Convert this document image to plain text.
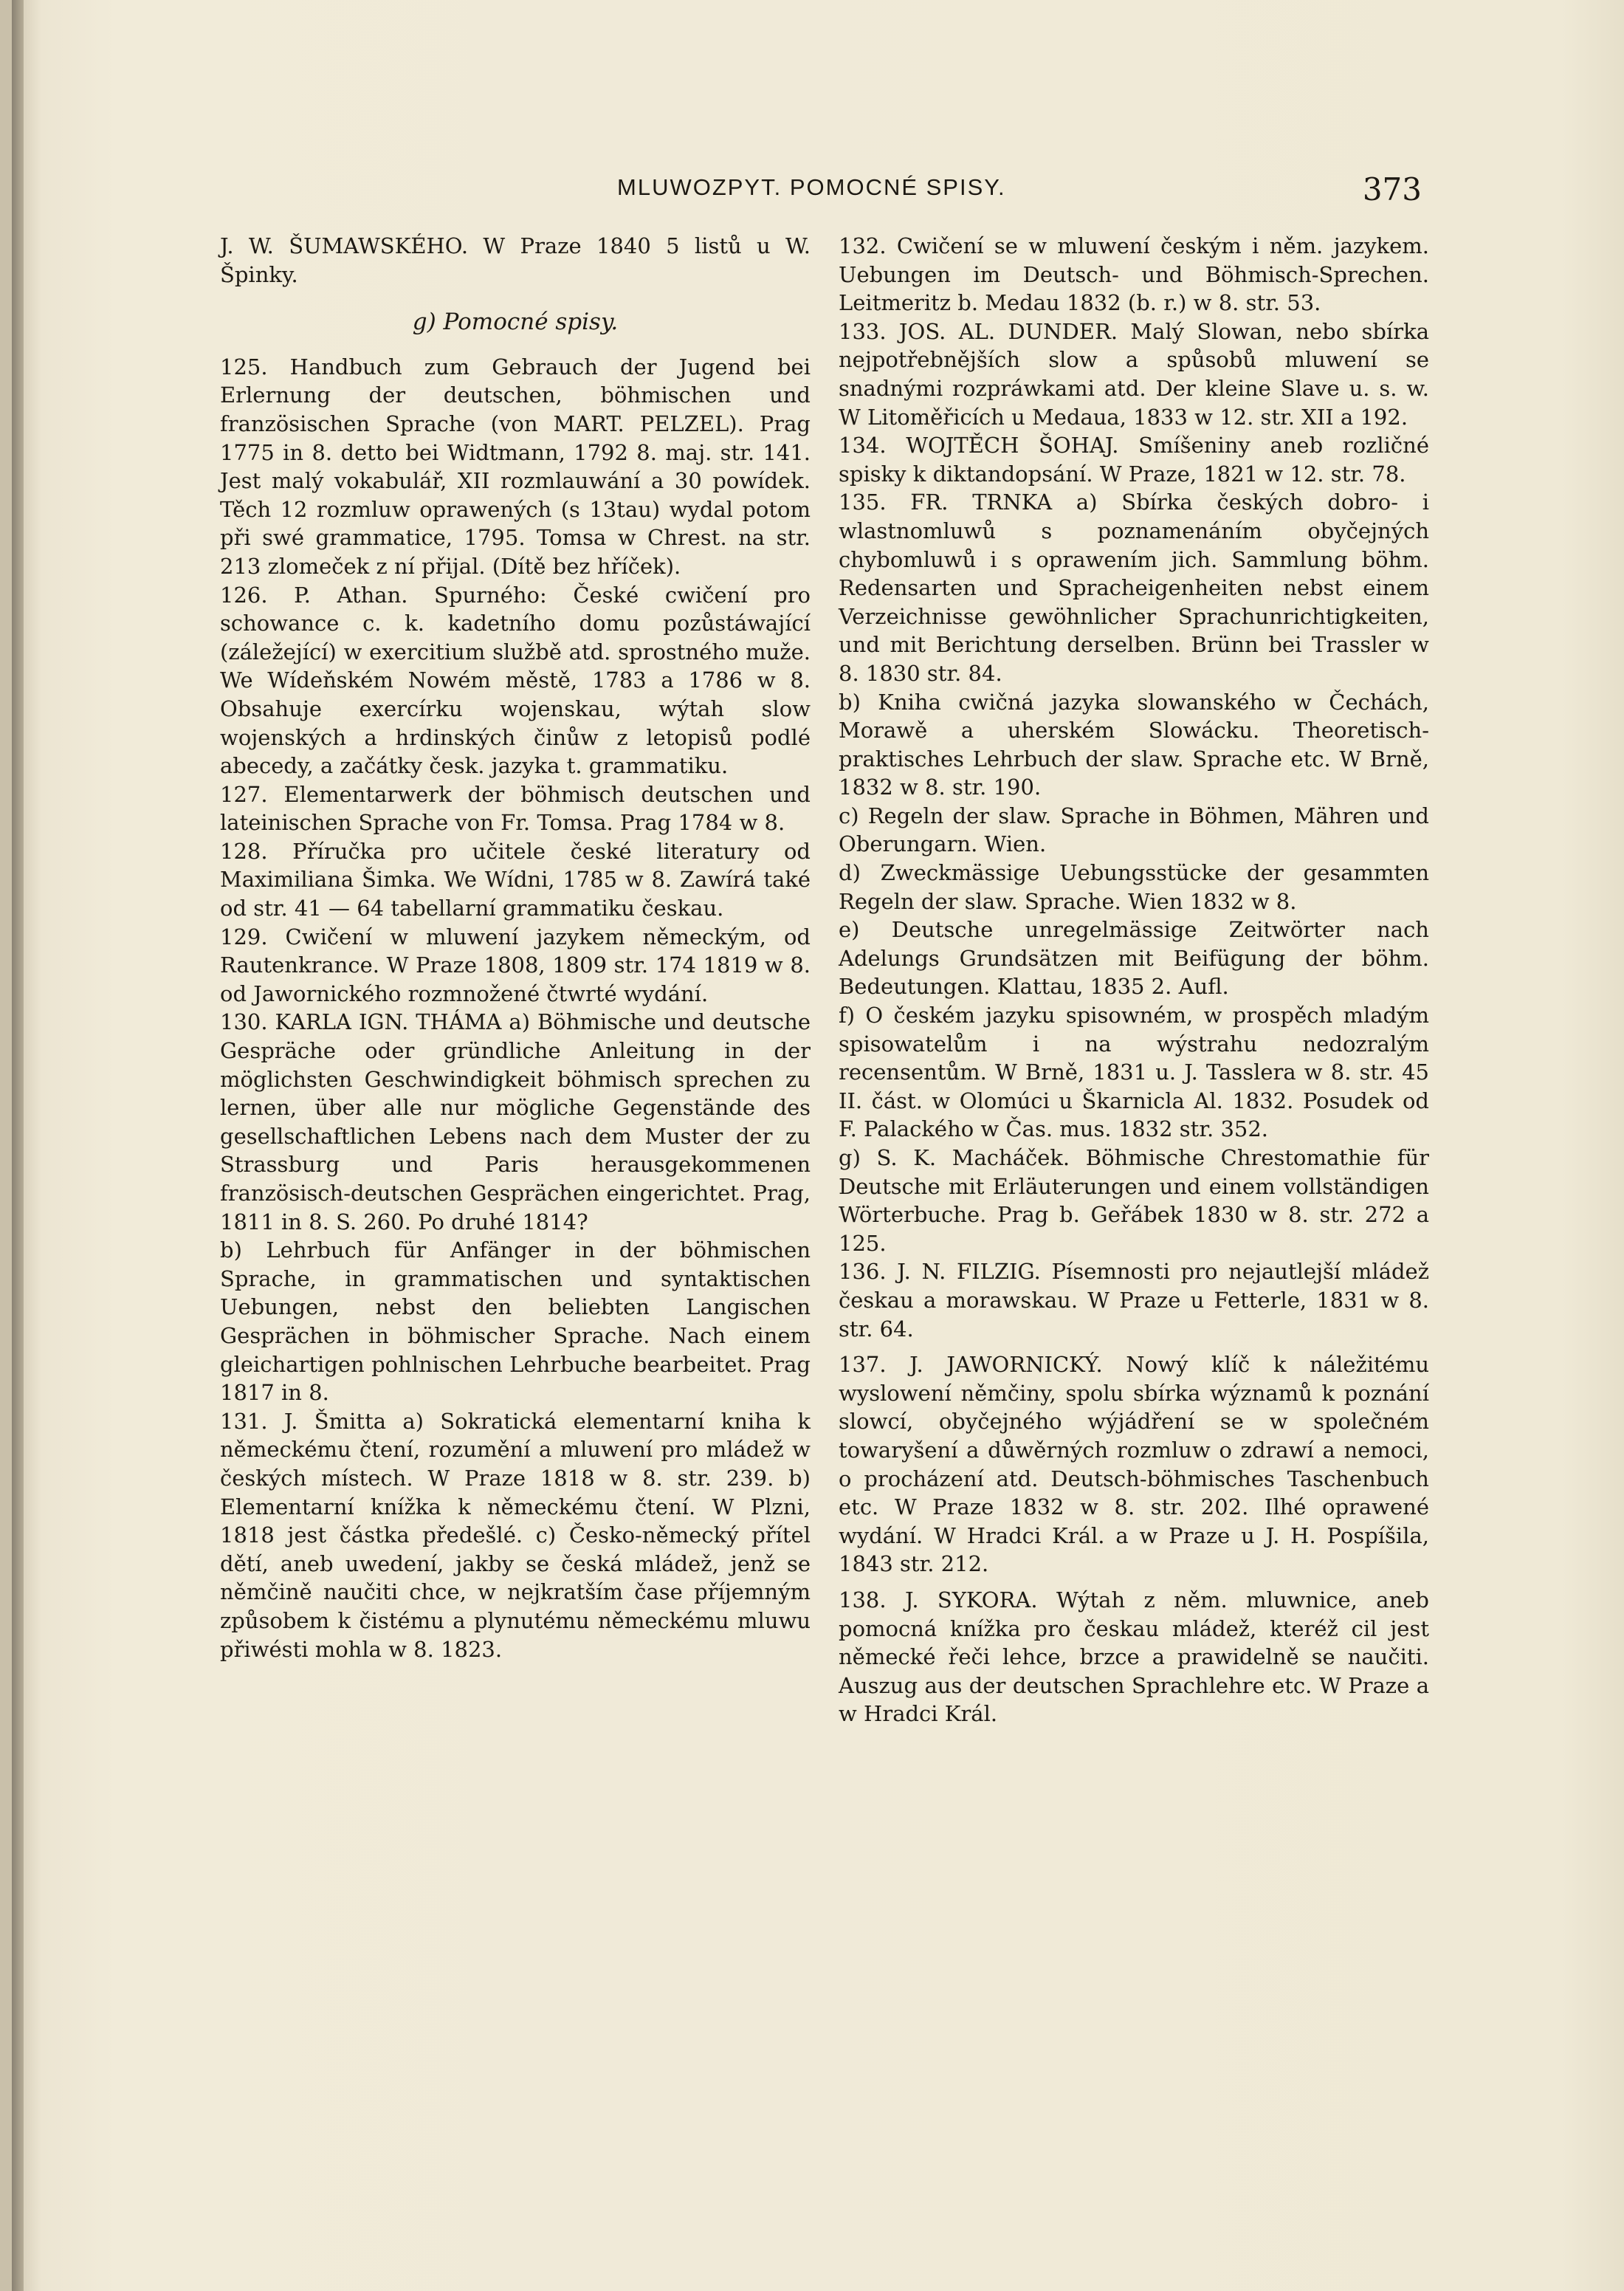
MLUWOZPYT. POMOCNÉ SPISY.	373

J. W. ŠUMAWSKÉHO. W Praze 1840 5 listů u W. Špinky.

g) Pomocné spisy.

125. Handbuch zum Gebrauch der Jugend bei Erlernung der deutschen, böhmischen und französischen Sprache (von MART. PELZEL). Prag 1775 in 8. detto bei Widtmann, 1792 8. maj. str. 141. Jest malý vokabulář, XII rozmlauwání a 30 powídek. Těch 12 rozmluw oprawených (s 13tau) wydal potom při swé grammatice, 1795. Tomsa w Chrest. na str. 213 zlomeček z ní přijal. (Dítě bez hříček).

126. P. Athan. Spurného: České cwičení pro schowance c. k. kadetního domu pozůstáwající (záležející) w exercitium službě atd. sprostného muže. We Wídeňském Nowém městě, 1783 a 1786 w 8. Obsahuje exercírku wojenskau, wýtah slow wojenských a hrdinských činůw z letopisů podlé abecedy, a začátky česk. jazyka t. grammatiku.

127. Elementarwerk der böhmisch deutschen und lateinischen Sprache von Fr. Tomsa. Prag 1784 w 8.

128. Příručka pro učitele české literatury od Maximiliana Šimka. We Wídni, 1785 w 8. Zawírá také od str. 41 — 64 tabellarní grammatiku českau.

129. Cwičení w mluwení jazykem německým, od Rautenkrance. W Praze 1808, 1809 str. 174 1819 w 8. od Jawornického rozmnožené čtwrté wydání.

130. KARLA IGN. THÁMA a) Böhmische und deutsche Gespräche oder gründliche Anleitung in der möglichsten Geschwindigkeit böhmisch sprechen zu lernen, über alle nur mögliche Gegenstände des gesellschaftlichen Lebens nach dem Muster der zu Strassburg und Paris herausgekommenen französisch-deutschen Gesprächen eingerichtet. Prag, 1811 in 8. S. 260. Po druhé 1814?

b) Lehrbuch für Anfänger in der böhmischen Sprache, in grammatischen und syntaktischen Uebungen, nebst den beliebten Langischen Gesprächen in böhmischer Sprache. Nach einem gleichartigen pohlnischen Lehrbuche bearbeitet. Prag 1817 in 8.

131. J. Šmitta a) Sokratická elementarní kniha k německému čtení, rozumění a mluwení pro mládež w českých místech. W Praze 1818 w 8. str. 239. b) Elementarní knížka k německému čtení. W Plzni, 1818 jest částka předešlé. c) Česko-německý přítel dětí, aneb uwedení, jakby se česká mládež, jenž se němčině naučiti chce, w nejkratším čase příjemným způsobem k čistému a plynutému německému mluwu přiwésti mohla w 8. 1823.

132. Cwičení se w mluwení českým i něm. jazykem. Uebungen im Deutsch- und Böhmisch-Sprechen. Leitmeritz b. Medau 1832 (b. r.) w 8. str. 53.

133. JOS. AL. DUNDER. Malý Slowan, nebo sbírka nejpotřebnějších slow a spůsobů mluwení se snadnými rozpráwkami atd. Der kleine Slave u. s. w. W Litoměřicích u Medaua, 1833 w 12. str. XII a 192.

134. WOJTĚCH ŠOHAJ. Smíšeniny aneb rozličné spisky k diktandopsání. W Praze, 1821 w 12. str. 78.

135. FR. TRNKA a) Sbírka českých dobro- i wlastnomluwů s poznamenáním obyčejných chybomluwů i s oprawením jich. Sammlung böhm. Redensarten und Spracheigenheiten nebst einem Verzeichnisse gewöhnlicher Sprachunrichtigkeiten, und mit Berichtung derselben. Brünn bei Trassler w 8. 1830 str. 84.

b) Kniha cwičná jazyka slowanského w Čechách, Morawě a uherském Slowácku. Theoretisch-praktisches Lehrbuch der slaw. Sprache etc. W Brně, 1832 w 8. str. 190.

c) Regeln der slaw. Sprache in Böhmen, Mähren und Oberungarn. Wien.

d) Zweckmässige Uebungsstücke der gesammten Regeln der slaw. Sprache. Wien 1832 w 8.

e) Deutsche unregelmässige Zeitwörter nach Adelungs Grundsätzen mit Beifügung der böhm. Bedeutungen. Klattau, 1835 2. Aufl.

f) O českém jazyku spisowném, w prospěch mladým spisowatelům i na wýstrahu nedozralým recensentům. W Brně, 1831 u. J. Tasslera w 8. str. 45 II. část. w Olomúci u Škarnicla Al. 1832. Posudek od F. Palackého w Čas. mus. 1832 str. 352.

g) S. K. Macháček. Böhmische Chrestomathie für Deutsche mit Erläuterungen und einem vollständigen Wörterbuche. Prag b. Geřábek 1830 w 8. str. 272 a 125.

136. J. N. FILZIG. Písemnosti pro nejautlejší mládež českau a morawskau. W Praze u Fetterle, 1831 w 8. str. 64.

137. J. JAWORNICKÝ. Nowý klíč k náležitému wyslowení němčiny, spolu sbírka wýznamů k poznání slowcí, obyčejného wýjádření se w společném towaryšení a důwěrných rozmluw o zdrawí a nemoci, o procházení atd. Deutsch-böhmisches Taschenbuch etc. W Praze 1832 w 8. str. 202. Ilhé oprawené wydání. W Hradci Král. a w Praze u J. H. Pospíšila, 1843 str. 212.

138. J. SYKORA. Wýtah z něm. mluwnice, aneb pomocná knížka pro českau mládež, kteréž cil jest německé řeči lehce, brzce a prawidelně se naučiti. Auszug aus der deutschen Sprachlehre etc. W Praze a w Hradci Král.
